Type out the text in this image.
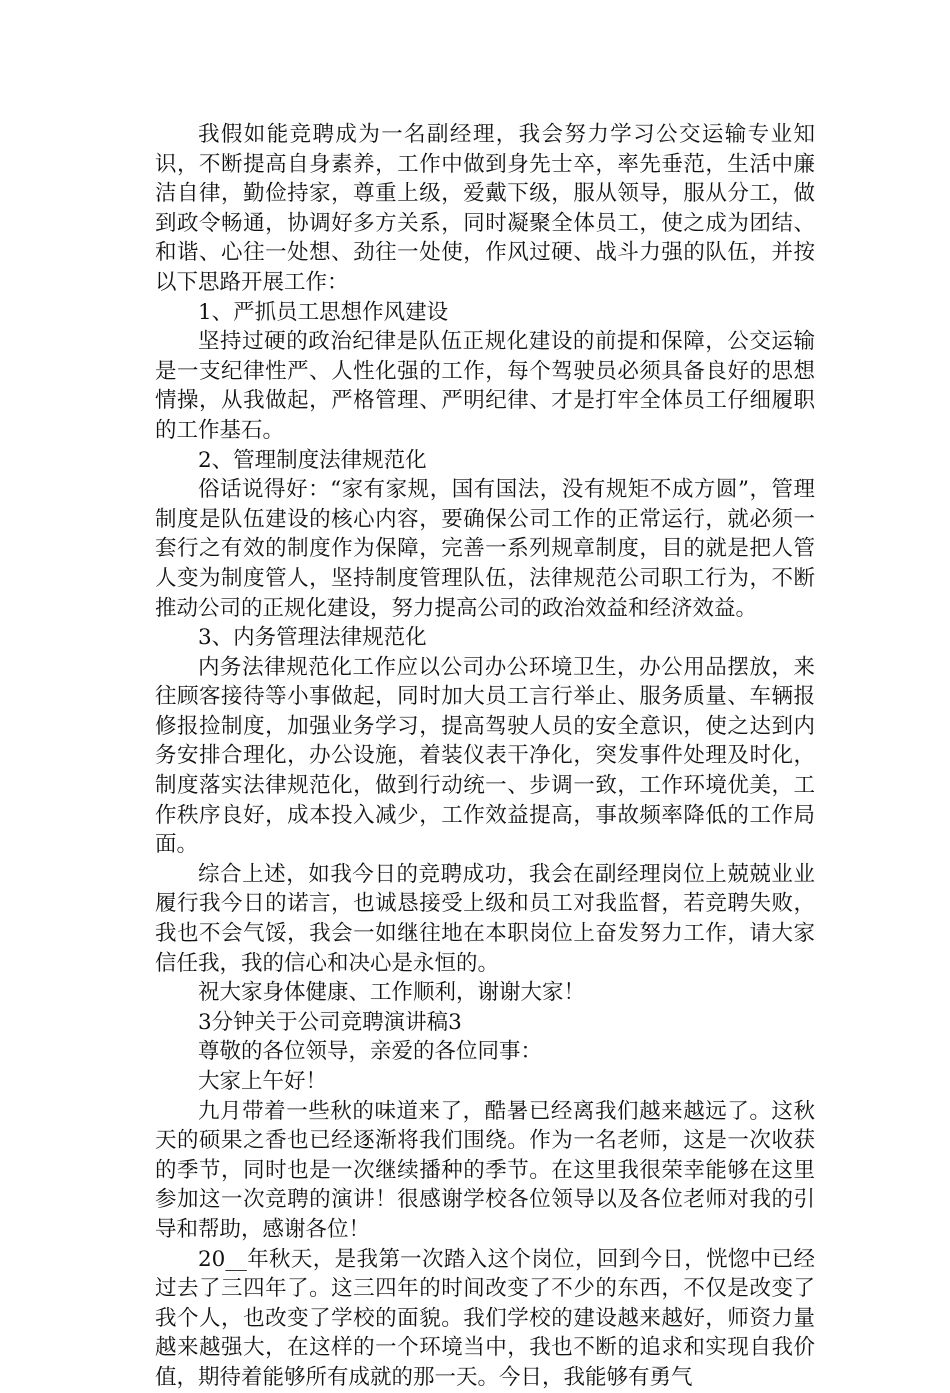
我假如能竞聘成为一名副经理，我会努力学习公交运输专业知识，不断提高自身素养，工作中做到身先士卒，率先垂范，生活中廉洁自律，勤俭持家，尊重上级，爱戴下级，服从领导，服从分工，做到政令畅通，协调好多方关系，同时凝聚全体员工，使之成为团结、和谐、心往一处想、劲往一处使，作风过硬、战斗力强的队伍，并按以下思路开展工作：

1、严抓员工思想作风建设

坚持过硬的政治纪律是队伍正规化建设的前提和保障，公交运输是一支纪律性严、人性化强的工作，每个驾驶员必须具备良好的思想情操，从我做起，严格管理、严明纪律、才是打牢全体员工仔细履职的工作基石。

2、管理制度法律规范化

俗话说得好：“家有家规，国有国法，没有规矩不成方圆”，管理制度是队伍建设的核心内容，要确保公司工作的正常运行，就必须一套行之有效的制度作为保障，完善一系列规章制度，目的就是把人管人变为制度管人，坚持制度管理队伍，法律规范公司职工行为，不断推动公司的正规化建设，努力提高公司的政治效益和经济效益。

3、内务管理法律规范化

内务法律规范化工作应以公司办公环境卫生，办公用品摆放，来往顾客接待等小事做起，同时加大员工言行举止、服务质量、车辆报修报捡制度，加强业务学习，提高驾驶人员的安全意识，使之达到内务安排合理化，办公设施，着装仪表干净化，突发事件处理及时化，制度落实法律规范化，做到行动统一、步调一致，工作环境优美，工作秩序良好，成本投入减少，工作效益提高，事故频率降低的工作局面。

综合上述，如我今日的竞聘成功，我会在副经理岗位上兢兢业业履行我今日的诺言，也诚恳接受上级和员工对我监督，若竞聘失败，我也不会气馁，我会一如继往地在本职岗位上奋发努力工作，请大家信任我，我的信心和决心是永恒的。

祝大家身体健康、工作顺利，谢谢大家！

3分钟关于公司竞聘演讲稿3

尊敬的各位领导，亲爱的各位同事：

大家上午好！

九月带着一些秋的味道来了，酷暑已经离我们越来越远了。这秋天的硕果之香也已经逐渐将我们围绕。作为一名老师，这是一次收获的季节，同时也是一次继续播种的季节。在这里我很荣幸能够在这里参加这一次竞聘的演讲！很感谢学校各位领导以及各位老师对我的引导和帮助，感谢各位！

20__年秋天，是我第一次踏入这个岗位，回到今日，恍惚中已经过去了三四年了。这三四年的时间改变了不少的东西，不仅是改变了我个人，也改变了学校的面貌。我们学校的建设越来越好，师资力量越来越强大，在这样的一个环境当中，我也不断的追求和实现自我价值，期待着能够所有成就的那一天。今日，我能够有勇气
